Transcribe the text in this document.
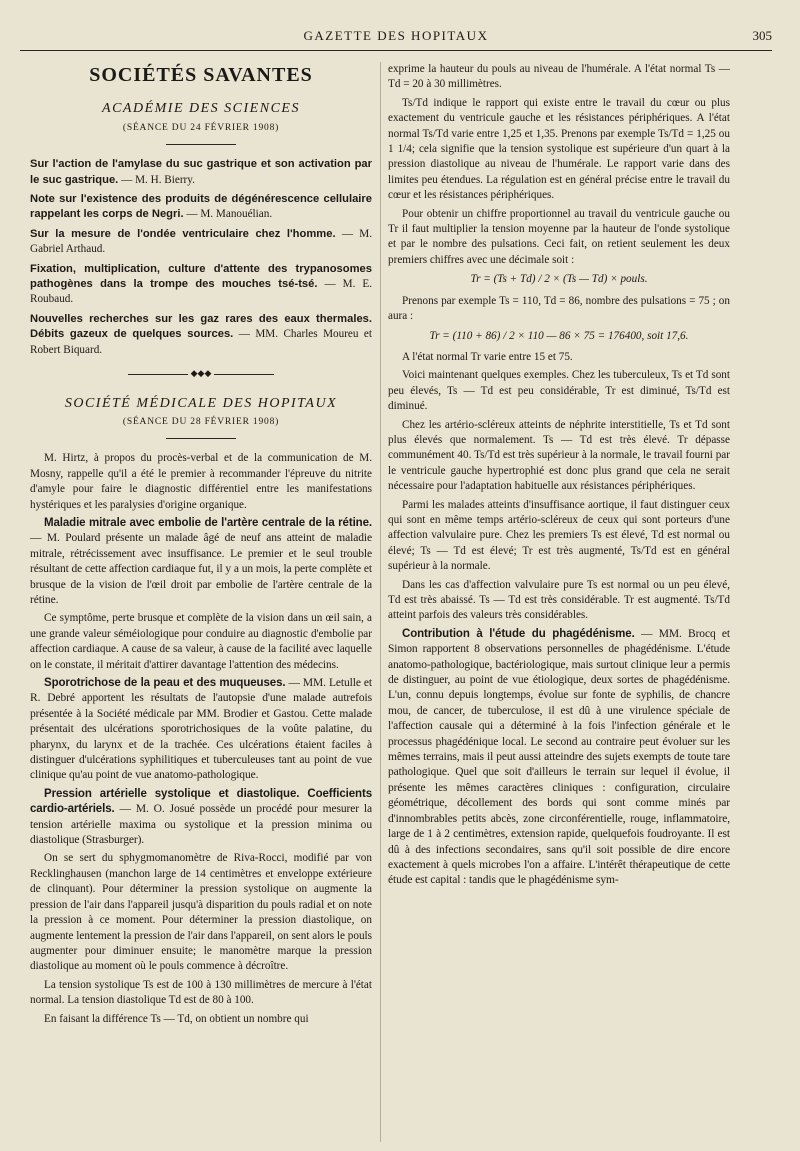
GAZETTE DES HOPITAUX	305
SOCIÉTÉS SAVANTES
ACADÉMIE DES SCIENCES
(SÉANCE DU 24 FÉVRIER 1908)

Sur l'action de l'amylase du suc gastrique et son activation par le suc gastrique. — M. H. Bierry.

Note sur l'existence des produits de dégénérescence cellulaire rappelant les corps de Negri. — M. Manouélian.

Sur la mesure de l'ondée ventriculaire chez l'homme. — M. Gabriel Arthaud.

Fixation, multiplication, culture d'attente des trypanosomes pathogènes dans la trompe des mouches tsé-tsé. — M. E. Roubaud.

Nouvelles recherches sur les gaz rares des eaux thermales. Débits gazeux de quelques sources. — MM. Charles Moureu et Robert Biquard.

◆◆◆
SOCIÉTÉ MÉDICALE DES HOPITAUX
(SÉANCE DU 28 FÉVRIER 1908)

M. Hirtz, à propos du procès-verbal et de la communication de M. Mosny, rappelle qu'il a été le premier à recommander l'épreuve du nitrite d'amyle pour faire le diagnostic différentiel entre les manifestations hystériques et les paralysies d'origine organique.

Maladie mitrale avec embolie de l'artère centrale de la rétine. — M. Poulard présente un malade âgé de neuf ans atteint de maladie mitrale, rétrécissement avec insuffisance. Le premier et le seul trouble résultant de cette affection cardiaque fut, il y a un mois, la perte complète et brusque de la vision de l'œil droit par embolie de l'artère centrale de la rétine.

Ce symptôme, perte brusque et complète de la vision dans un œil sain, a une grande valeur séméiologique pour conduire au diagnostic d'embolie par affection cardiaque. A cause de sa valeur, à cause de la facilité avec laquelle on le constate, il méritait d'attirer davantage l'attention des médecins.

Sporotrichose de la peau et des muqueuses. — MM. Letulle et R. Debré apportent les résultats de l'autopsie d'une malade autrefois présentée à la Société médicale par MM. Brodier et Gastou. Cette malade présentait des ulcérations sporotrichosiques de la voûte palatine, du pharynx, du larynx et de la trachée. Ces ulcérations étaient faciles à distinguer d'ulcérations syphilitiques et tuberculeuses tant au point de vue clinique qu'au point de vue anatomo-pathologique.

Pression artérielle systolique et diastolique. Coefficients cardio-artériels. — M. O. Josué possède un procédé pour mesurer la tension artérielle maxima ou systolique et la pression minima ou diastolique (Strasburger).

On se sert du sphygmomanomètre de Riva-Rocci, modifié par von Recklinghausen (manchon large de 14 centimètres et enveloppe extérieure de clinquant). Pour déterminer la pression systolique on augmente la pression de l'air dans l'appareil jusqu'à disparition du pouls radial et on note la pression à ce moment. Pour déterminer la pression diastolique, on augmente lentement la pression de l'air dans l'appareil, on sent alors le pouls augmenter pour diminuer ensuite; le manomètre marque la pression diastolique au moment où le pouls commence à décroître.

La tension systolique Ts est de 100 à 130 millimètres de mercure à l'état normal. La tension diastolique Td est de 80 à 100.

En faisant la différence Ts — Td, on obtient un nombre qui

exprime la hauteur du pouls au niveau de l'humérale. A l'état normal Ts — Td = 20 à 30 millimètres.

Ts/Td indique le rapport qui existe entre le travail du cœur ou plus exactement du ventricule gauche et les résistances périphériques. A l'état normal Ts/Td varie entre 1,25 et 1,35. Prenons par exemple Ts/Td = 1,25 ou 1 1/4; cela signifie que la tension systolique est supérieure d'un quart à la pression diastolique au niveau de l'humérale. Le rapport varie dans des limites peu étendues. La régulation est en général précise entre le travail du cœur et les résistances périphériques.

Pour obtenir un chiffre proportionnel au travail du ventricule gauche ou Tr il faut multiplier la tension moyenne par la hauteur de l'onde systolique et par le nombre des pulsations. Ceci fait, on retient seulement les deux premiers chiffres avec une décimale soit :

Tr = (Ts + Td) / 2 × (Ts — Td) × pouls.

Prenons par exemple Ts = 110, Td = 86, nombre des pulsations = 75 ; on aura :

Tr = (110 + 86) / 2 × 110 — 86 × 75 = 176400, soit 17,6.

A l'état normal Tr varie entre 15 et 75.

Voici maintenant quelques exemples. Chez les tuberculeux, Ts et Td sont peu élevés, Ts — Td est peu considérable, Tr est diminué, Ts/Td est diminué.

Chez les artério-scléreux atteints de néphrite interstitielle, Ts et Td sont plus élevés que normalement. Ts — Td est très élevé. Tr dépasse communément 40. Ts/Td est très supérieur à la normale, le travail fourni par le ventricule gauche hypertrophié est donc plus grand que cela ne serait nécessaire pour l'adaptation habituelle aux résistances périphériques.

Parmi les malades atteints d'insuffisance aortique, il faut distinguer ceux qui sont en même temps artério-scléreux de ceux qui sont porteurs d'une affection valvulaire pure. Chez les premiers Ts est élevé, Td est normal ou élevé; Ts — Td est élevé; Tr est très augmenté, Ts/Td est en général supérieur à la normale.

Dans les cas d'affection valvulaire pure Ts est normal ou un peu élevé, Td est très abaissé. Ts — Td est très considérable. Tr est augmenté. Ts/Td atteint parfois des valeurs très considérables.

Contribution à l'étude du phagédénisme. — MM. Brocq et Simon rapportent 8 observations personnelles de phagédénisme. L'étude anatomo-pathologique, bactériologique, mais surtout clinique leur a permis de distinguer, au point de vue étiologique, deux sortes de phagédénisme. L'un, connu depuis longtemps, évolue sur fonte de syphilis, de chancre mou, de cancer, de tuberculose, il est dû à une virulence spéciale de l'affection causale qui a déterminé à la fois l'infection générale et le processus phagédénique local. Le second au contraire peut évoluer sur les mêmes terrains, mais il peut aussi atteindre des sujets exempts de toute tare pathologique. Quel que soit d'ailleurs le terrain sur lequel il évolue, il présente les mêmes caractères cliniques : configuration, circulaire géométrique, décollement des bords qui sont comme minés par d'innombrables petits abcès, zone circonférentielle, rouge, inflammatoire, large de 1 à 2 centimètres, extension rapide, quelquefois foudroyante. Il est dû à des infections secondaires, sans qu'il soit possible de dire encore exactement à quels microbes l'on a affaire. L'intérêt thérapeutique de cette étude est capital : tandis que le phagédénisme sym-
